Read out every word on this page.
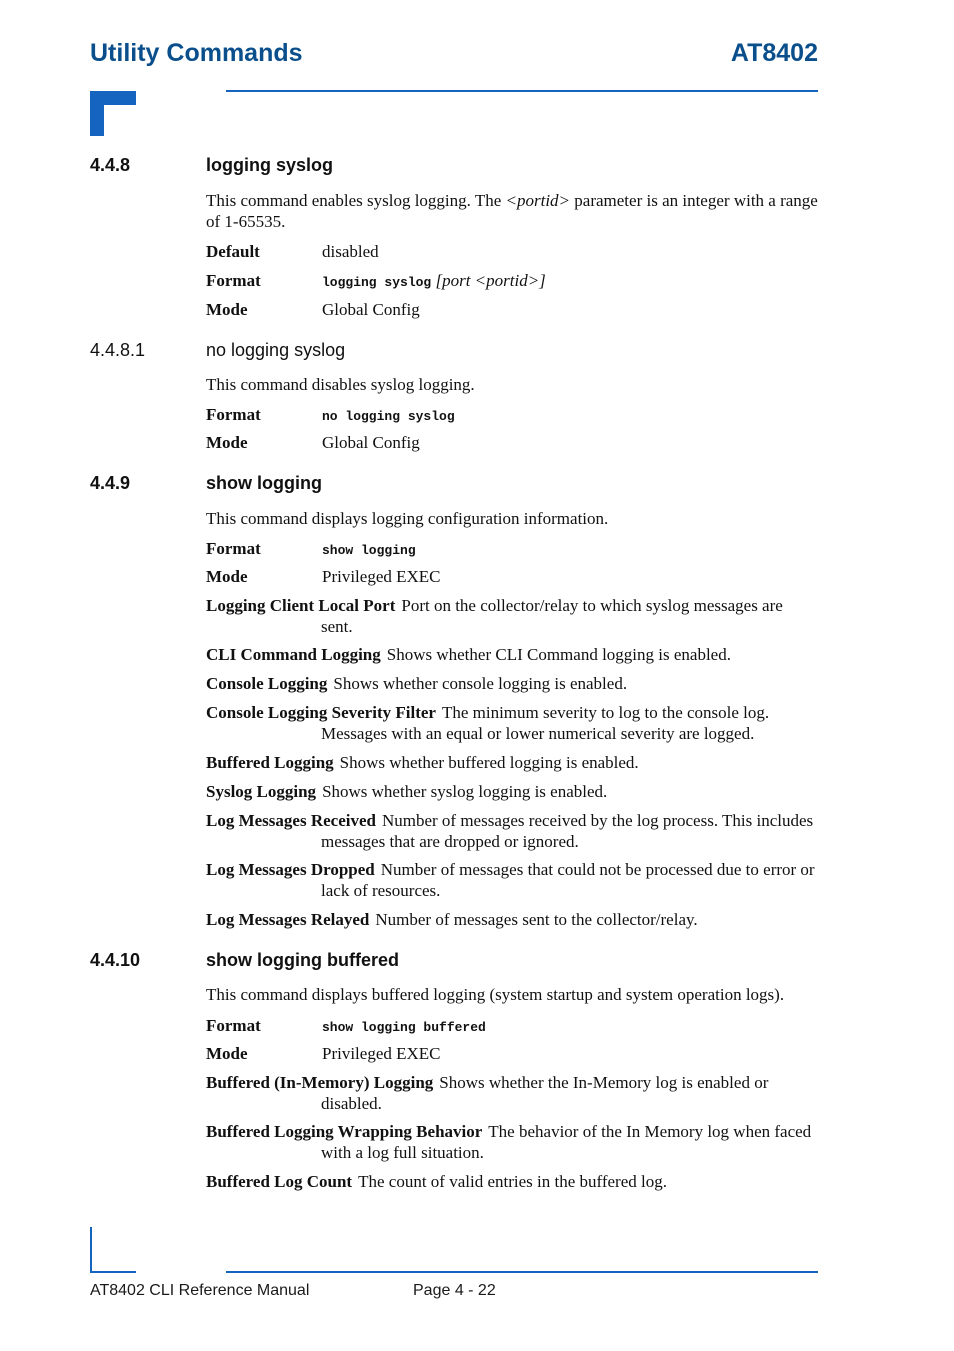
Utility Commands	AT8402
4.4.8	logging syslog
This command enables syslog logging. The <portid> parameter is an integer with a range of 1-65535.
Default	disabled
Format	logging syslog [port <portid>]
Mode	Global Config
4.4.8.1	no logging syslog
This command disables syslog logging.
Format	no logging syslog
Mode	Global Config
4.4.9	show logging
This command displays logging configuration information.
Format	show logging
Mode	Privileged EXEC
Logging Client Local Port Port on the collector/relay to which syslog messages are sent.
CLI Command Logging Shows whether CLI Command logging is enabled.
Console Logging Shows whether console logging is enabled.
Console Logging Severity Filter The minimum severity to log to the console log. Messages with an equal or lower numerical severity are logged.
Buffered Logging Shows whether buffered logging is enabled.
Syslog Logging Shows whether syslog logging is enabled.
Log Messages Received Number of messages received by the log process. This includes messages that are dropped or ignored.
Log Messages Dropped Number of messages that could not be processed due to error or lack of resources.
Log Messages Relayed Number of messages sent to the collector/relay.
4.4.10	show logging buffered
This command displays buffered logging (system startup and system operation logs).
Format	show logging buffered
Mode	Privileged EXEC
Buffered (In-Memory) Logging Shows whether the In-Memory log is enabled or disabled.
Buffered Logging Wrapping Behavior The behavior of the In Memory log when faced with a log full situation.
Buffered Log Count The count of valid entries in the buffered log.
AT8402 CLI Reference Manual	Page 4 - 22
